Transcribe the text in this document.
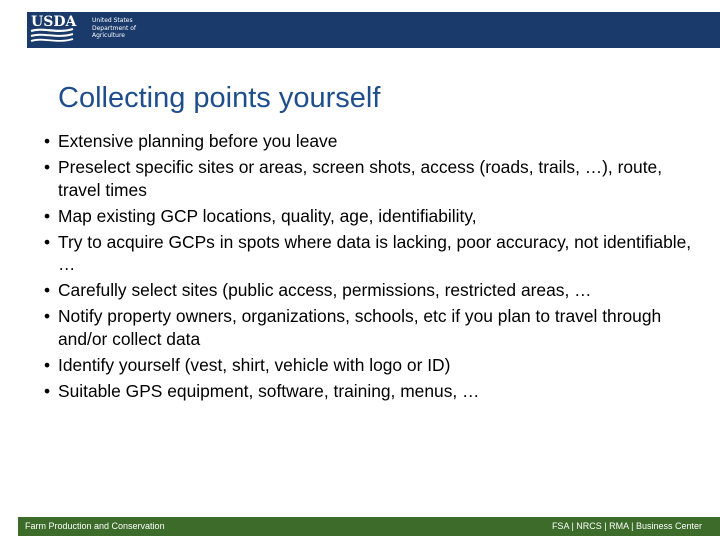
USDA	United States
Department of
Agriculture
Collecting points yourself
• Extensive planning before you leave
• Preselect specific sites or areas, screen shots, access (roads, trails, …), route, travel times
• Map existing GCP locations, quality, age, identifiability,
• Try to acquire GCPs in spots where data is lacking, poor accuracy, not identifiable, …
• Carefully select sites (public access, permissions, restricted areas, …
• Notify property owners, organizations, schools, etc if you plan to travel through and/or collect data
• Identify yourself (vest, shirt, vehicle with logo or ID)
• Suitable GPS equipment, software, training, menus, …
Farm Production and Conservation	FSA | NRCS | RMA | Business Center
